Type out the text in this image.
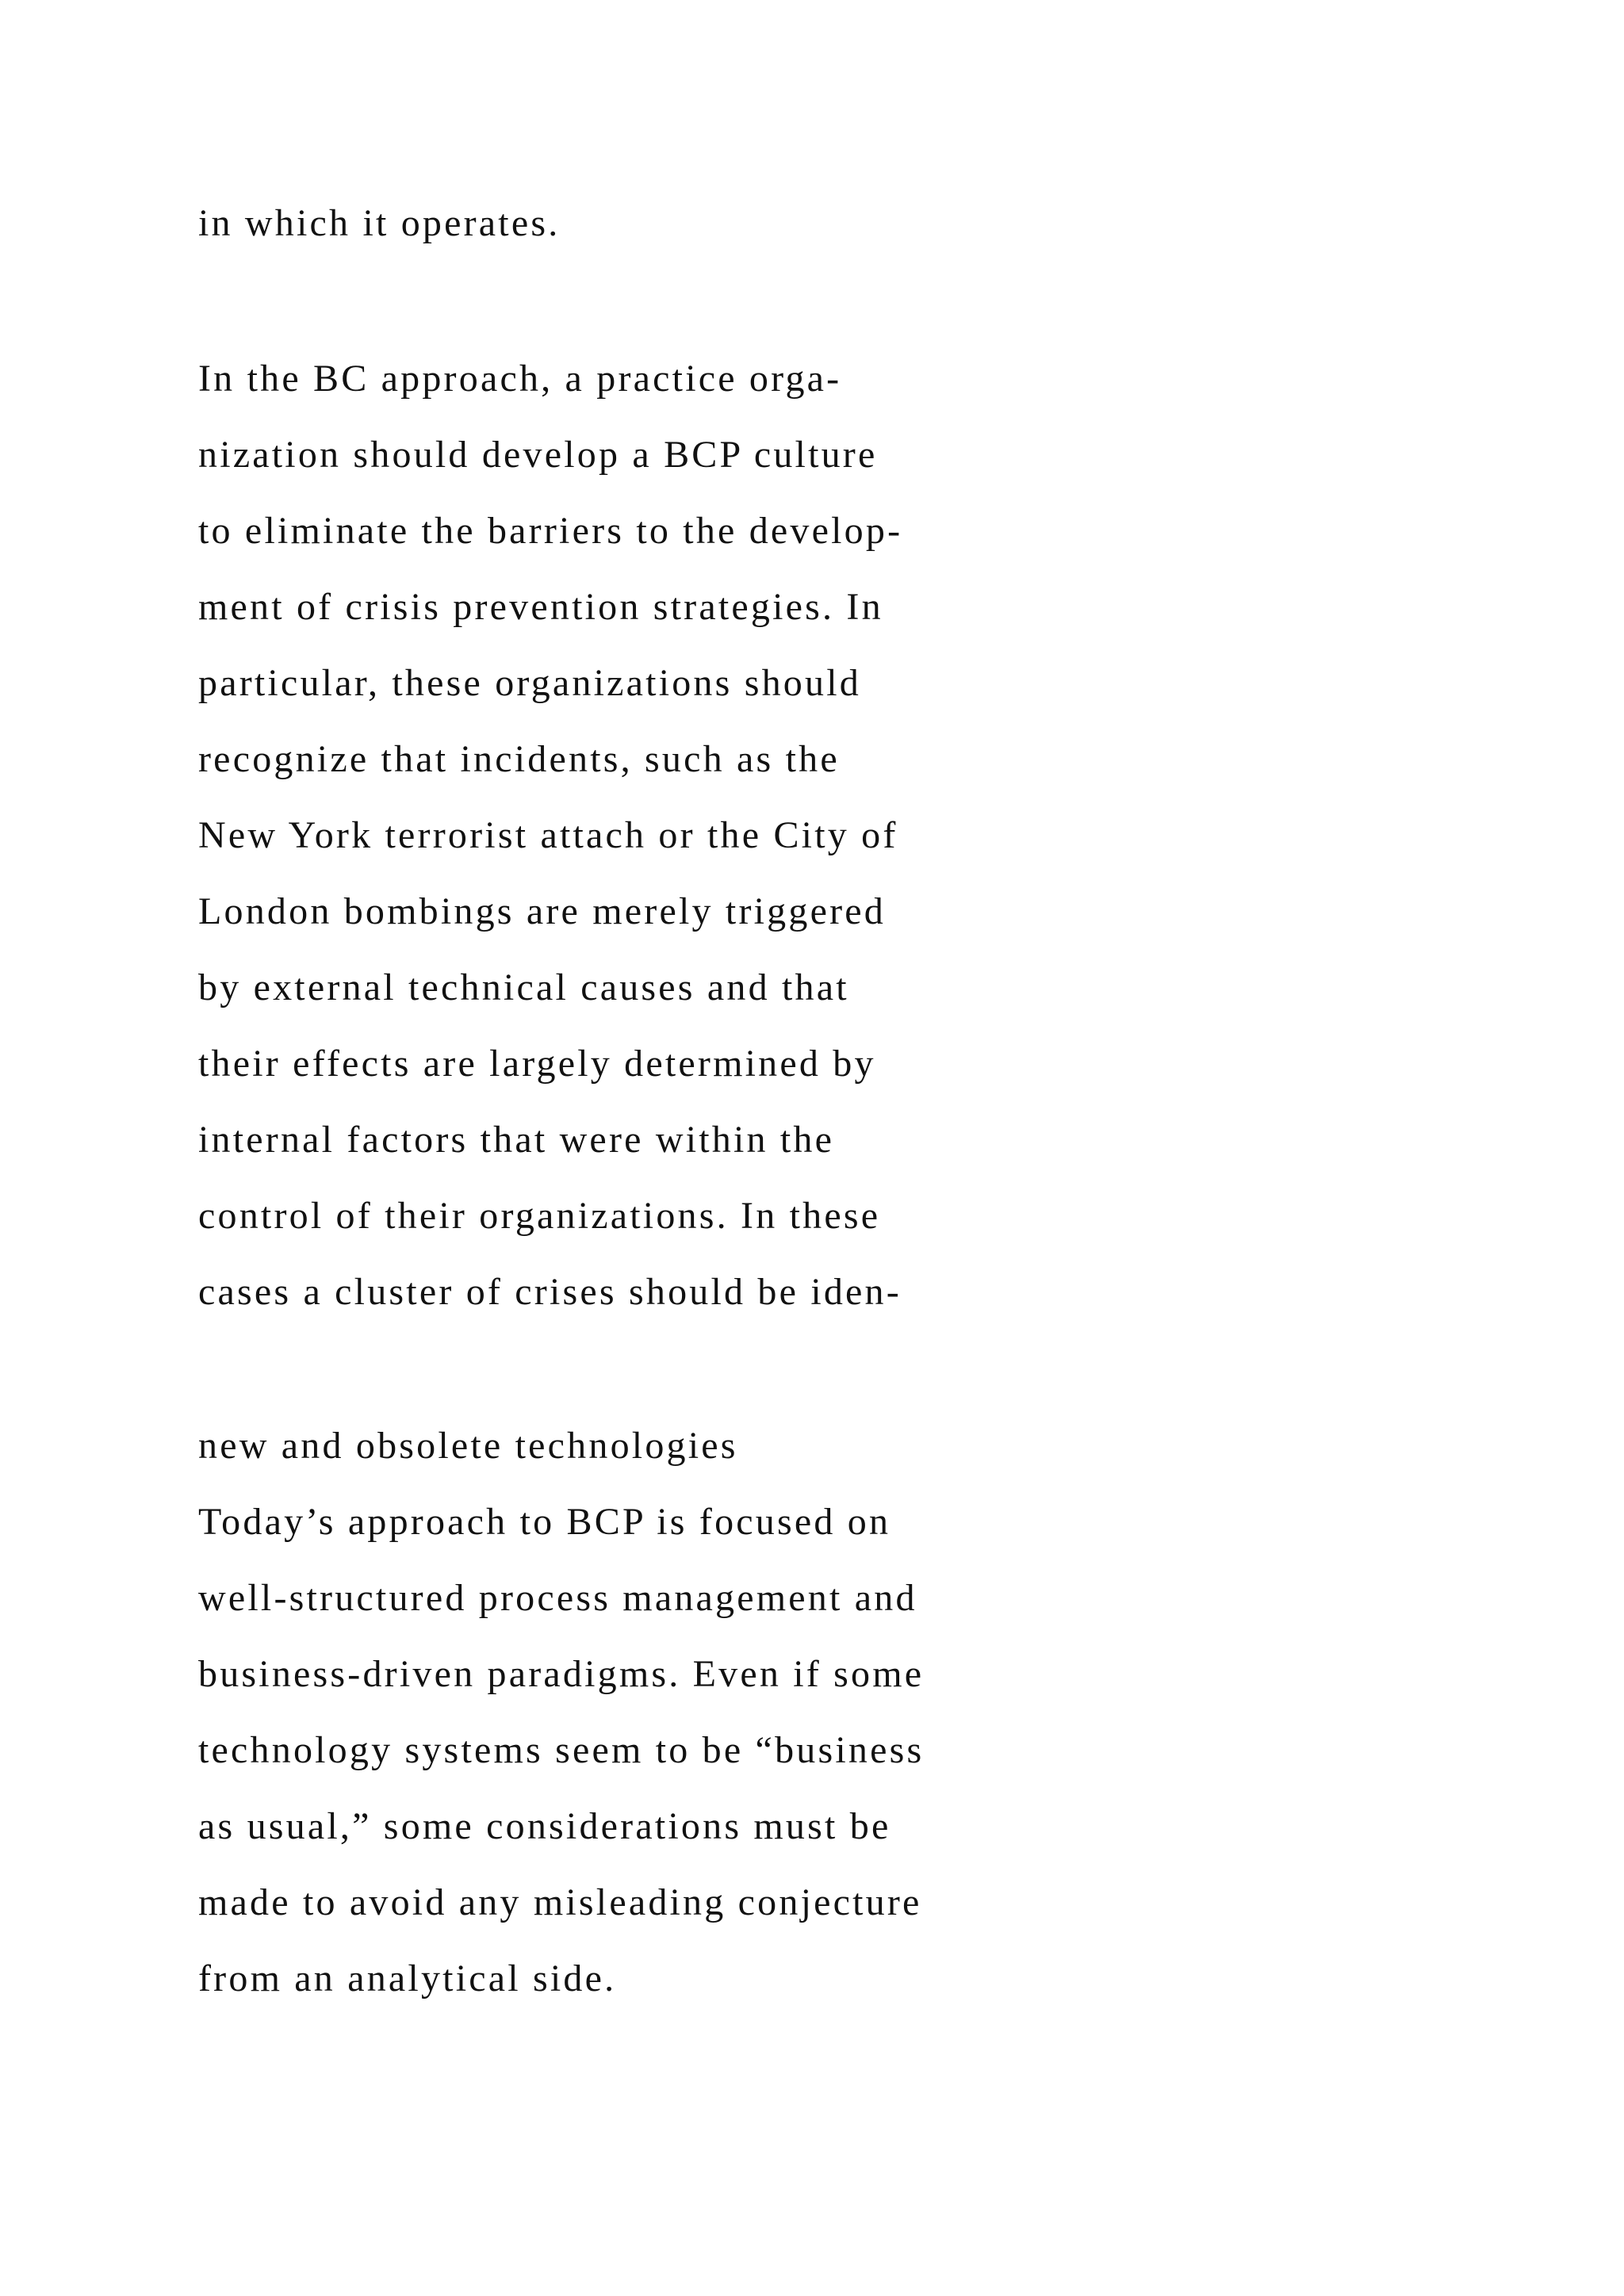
in which it operates.

In the BC approach, a practice orga-

nization should develop a BCP culture

to eliminate the barriers to the develop-

ment of crisis prevention strategies. In

particular, these organizations should

recognize that incidents, such as the

New York terrorist attach or the City of

London bombings are merely triggered

by external technical causes and that

their effects are largely determined by

internal factors that were within the

control of their organizations. In these

cases a cluster of crises should be iden-

new and obsolete technologies

Today’s approach to BCP is focused on

well-structured process management and

business-driven paradigms. Even if some

technology systems seem to be “business

as usual,” some considerations must be

made to avoid any misleading conjecture

from an analytical side.
